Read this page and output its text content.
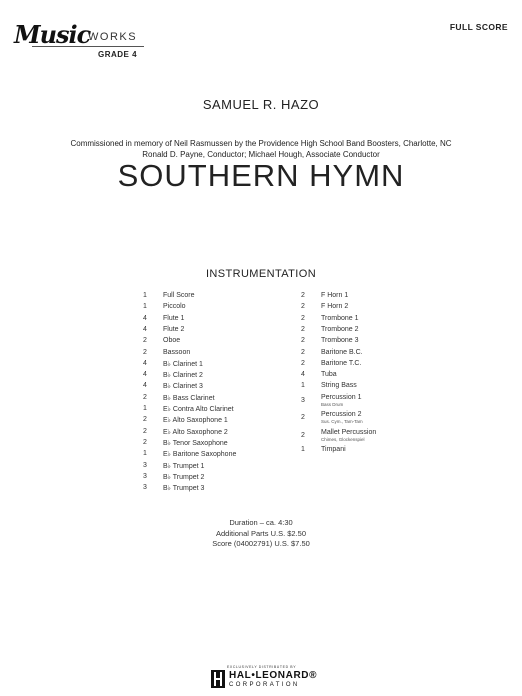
Music
WORKS
GRADE 4
FULL SCORE
SAMUEL R. HAZO
Commissioned in memory of Neil Rasmussen by the Providence High School Band Boosters, Charlotte, NC
Ronald D. Payne, Conductor; Michael Hough, Associate Conductor
SOUTHERN HYMN
INSTRUMENTATION
1	Full Score
1	Piccolo
4	Flute 1
4	Flute 2
2	Oboe
2	Bassoon
4	B♭ Clarinet 1
4	B♭ Clarinet 2
4	B♭ Clarinet 3
2	B♭ Bass Clarinet
1	E♭ Contra Alto Clarinet
2	E♭ Alto Saxophone 1
2	E♭ Alto Saxophone 2
2	B♭ Tenor Saxophone
1	E♭ Baritone Saxophone
3	B♭ Trumpet 1
3	B♭ Trumpet 2
3	B♭ Trumpet 3
2	F Horn 1
2	F Horn 2
2	Trombone 1
2	Trombone 2
2	Trombone 3
2	Baritone B.C.
2	Baritone T.C.
4	Tuba
1	String Bass
3	Percussion 1
Bass Drum
2	Percussion 2
Sus. Cym., Tam-Tam
2	Mallet Percussion
Chimes, Glockenspiel
1	Timpani
Duration – ca. 4:30
Additional Parts U.S. $2.50
Score (04002791) U.S. $7.50
EXCLUSIVELY DISTRIBUTED BY
HAL•LEONARD®
CORPORATION
